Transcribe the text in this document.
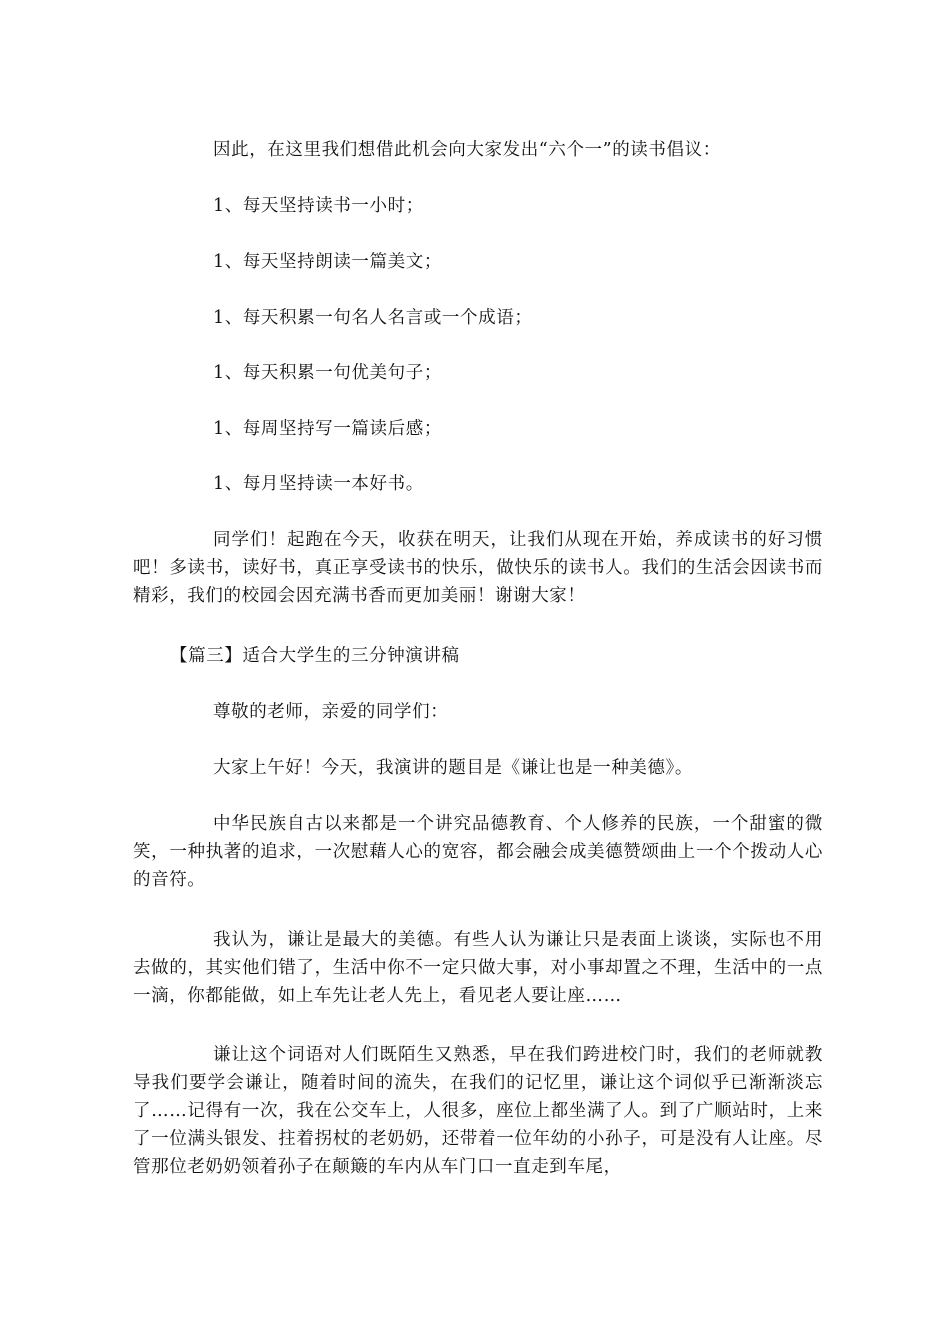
因此，在这里我们想借此机会向大家发出“六个一”的读书倡议：

1、每天坚持读书一小时；

1、每天坚持朗读一篇美文；

1、每天积累一句名人名言或一个成语；

1、每天积累一句优美句子；

1、每周坚持写一篇读后感；

1、每月坚持读一本好书。

同学们！起跑在今天，收获在明天，让我们从现在开始，养成读书的好习惯吧！多读书，读好书，真正享受读书的快乐，做快乐的读书人。我们的生活会因读书而精彩，我们的校园会因充满书香而更加美丽！谢谢大家！

【篇三】适合大学生的三分钟演讲稿

尊敬的老师，亲爱的同学们：

大家上午好！今天，我演讲的题目是《谦让也是一种美德》。

中华民族自古以来都是一个讲究品德教育、个人修养的民族，一个甜蜜的微笑，一种执著的追求，一次慰藉人心的宽容，都会融会成美德赞颂曲上一个个拨动人心的音符。

我认为，谦让是最大的美德。有些人认为谦让只是表面上谈谈，实际也不用去做的，其实他们错了，生活中你不一定只做大事，对小事却置之不理，生活中的一点一滴，你都能做，如上车先让老人先上，看见老人要让座……

谦让这个词语对人们既陌生又熟悉，早在我们跨进校门时，我们的老师就教导我们要学会谦让，随着时间的流失，在我们的记忆里，谦让这个词似乎已渐渐淡忘了……记得有一次，我在公交车上，人很多，座位上都坐满了人。到了广顺站时，上来了一位满头银发、拄着拐杖的老奶奶，还带着一位年幼的小孙子，可是没有人让座。尽管那位老奶奶领着孙子在颠簸的车内从车门口一直走到车尾，
